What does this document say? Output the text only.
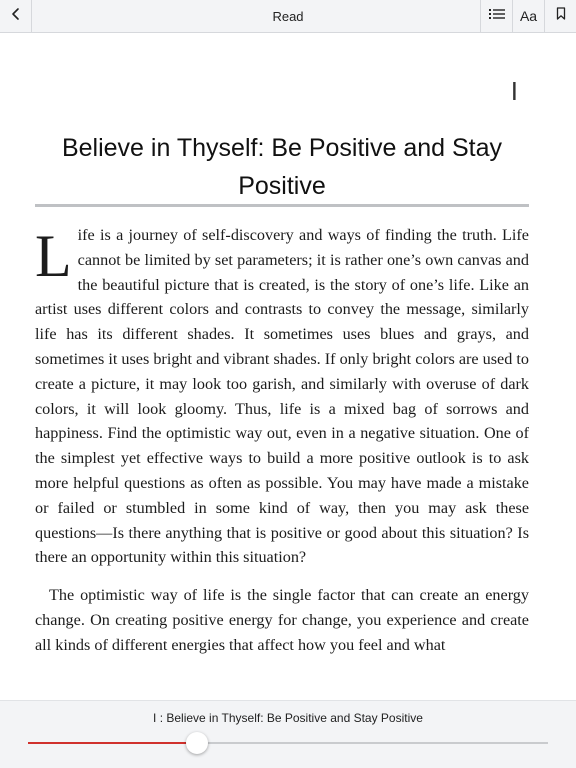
Read	Aa
I
Believe in Thyself: Be Positive and Stay Positive

Life is a journey of self-discovery and ways of finding the truth. Life cannot be limited by set parameters; it is rather one’s own canvas and the beautiful picture that is created, is the story of one’s life. Like an artist uses different colors and contrasts to convey the message, similarly life has its different shades. It sometimes uses blues and grays, and sometimes it uses bright and vibrant shades. If only bright colors are used to create a picture, it may look too garish, and similarly with overuse of dark colors, it will look gloomy. Thus, life is a mixed bag of sorrows and happiness. Find the optimistic way out, even in a negative situation. One of the simplest yet effective ways to build a more positive outlook is to ask more helpful questions as often as possible. You may have made a mistake or failed or stumbled in some kind of way, then you may ask these questions—Is there anything that is positive or good about this situation? Is there an opportunity within this situation?

The optimistic way of life is the single factor that can create an energy change. On creating positive energy for change, you experience and create all kinds of different energies that affect how you feel and what

I : Believe in Thyself: Be Positive and Stay Positive
